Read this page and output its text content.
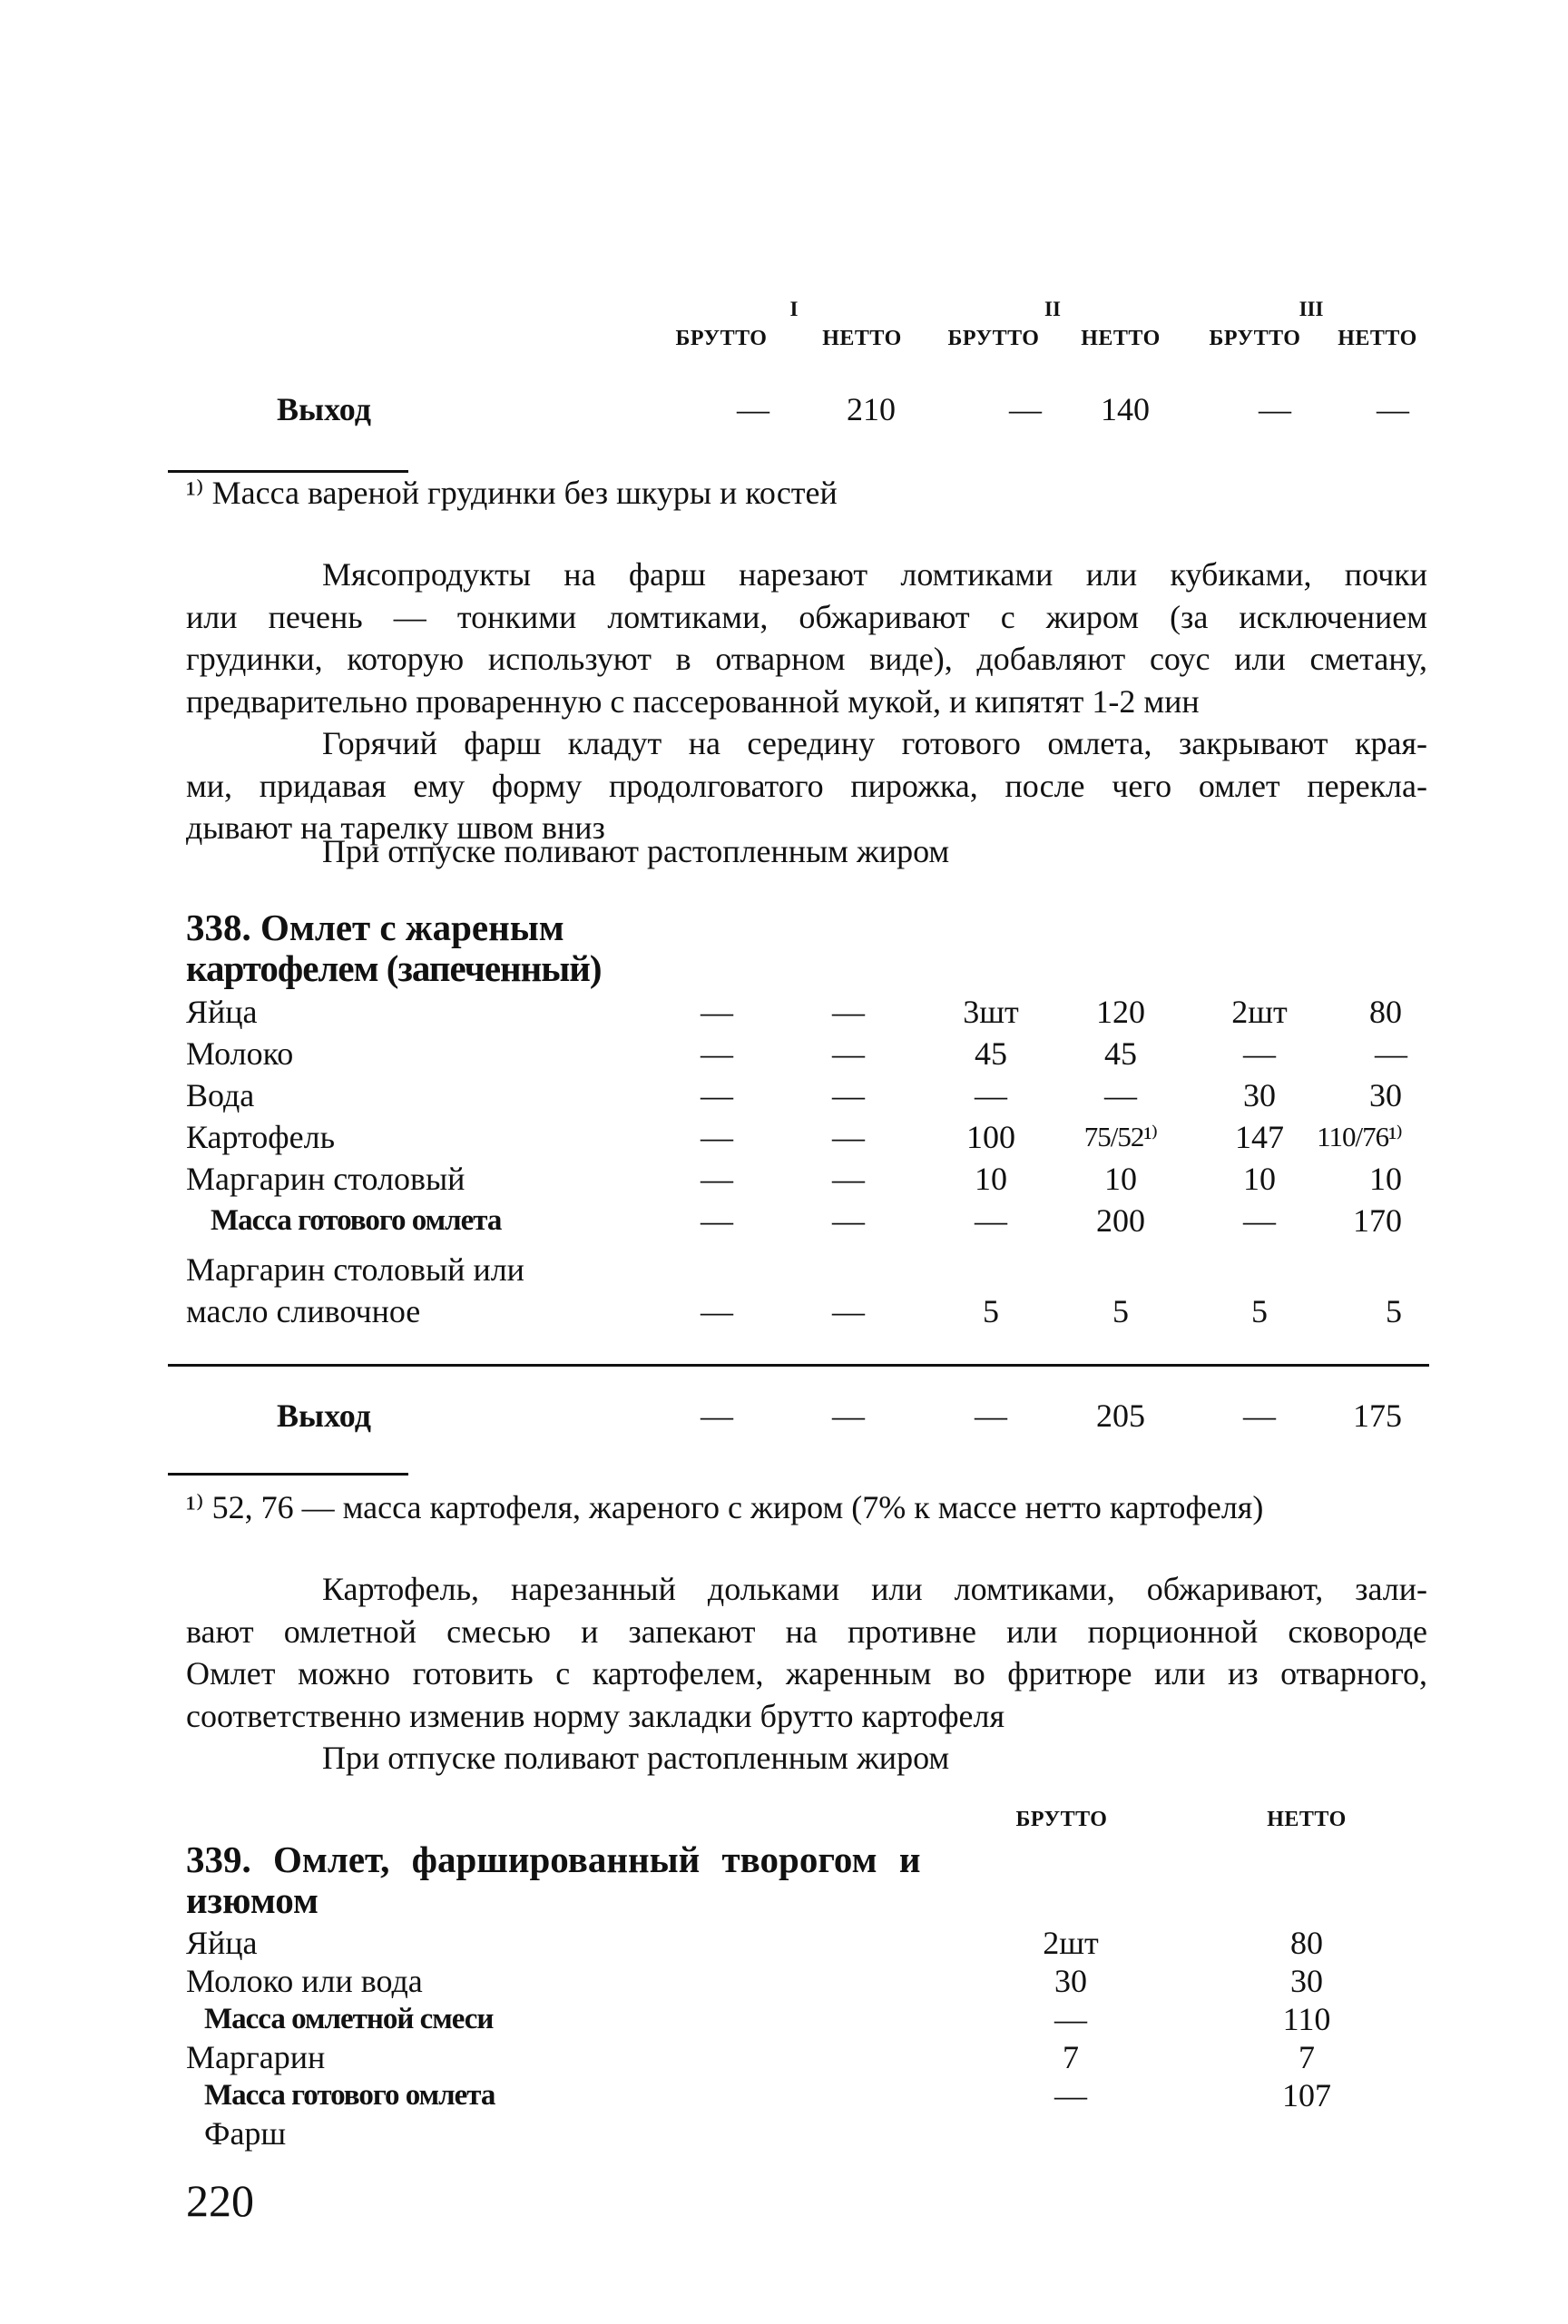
I	II	III
БРУТТО	НЕТТО	БРУТТО	НЕТТО	БРУТТО	НЕТТО
Выход	—	210	—	140	—	—
¹⁾ Масса вареной грудинки без шкуры и костей
Мясопродукты на фарш нарезают ломтиками или кубиками, почки
или печень — тонкими ломтиками, обжаривают с жиром (за исключением
грудинки, которую используют в отварном виде), добавляют соус или сметану,
предварительно проваренную с пассерованной мукой, и кипятят 1-2 мин
Горячий фарш кладут на середину готового омлета, закрывают края-
ми, придавая ему форму продолговатого пирожка, после чего омлет перекла-
дывают на тарелку швом вниз
При отпуске поливают растопленным жиром
338. Омлет с жареным
картофелем (запеченный)
Яйца	—	—	3шт	120	2шт	80
Молоко	—	—	45	45	—	—
Вода	—	—	—	—	30	30
Картофель	—	—	100	75/52¹⁾	147	110/76¹⁾
Маргарин столовый	—	—	10	10	10	10
Масса готового омлета	—	—	—	200	—	170
Маргарин столовый или
масло сливочное	—	—	5	5	5	5
Выход	—	—	—	205	—	175
¹⁾ 52, 76 — масса картофеля, жареного с жиром (7% к массе нетто картофеля)
Картофель, нарезанный дольками или ломтиками, обжаривают, зали-
вают омлетной смесью и запекают на противне или порционной сковороде
Омлет можно готовить с картофелем, жаренным во фритюре или из отварного,
соответственно изменив норму закладки брутто картофеля
При отпуске поливают растопленным жиром
БРУТТО	НЕТТО
339. Омлет, фаршированный творогом и
изюмом
Яйца	2шт	80
Молоко или вода	30	30
Масса омлетной смеси	—	110
Маргарин	7	7
Масса готового омлета	—	107
Фарш
220
